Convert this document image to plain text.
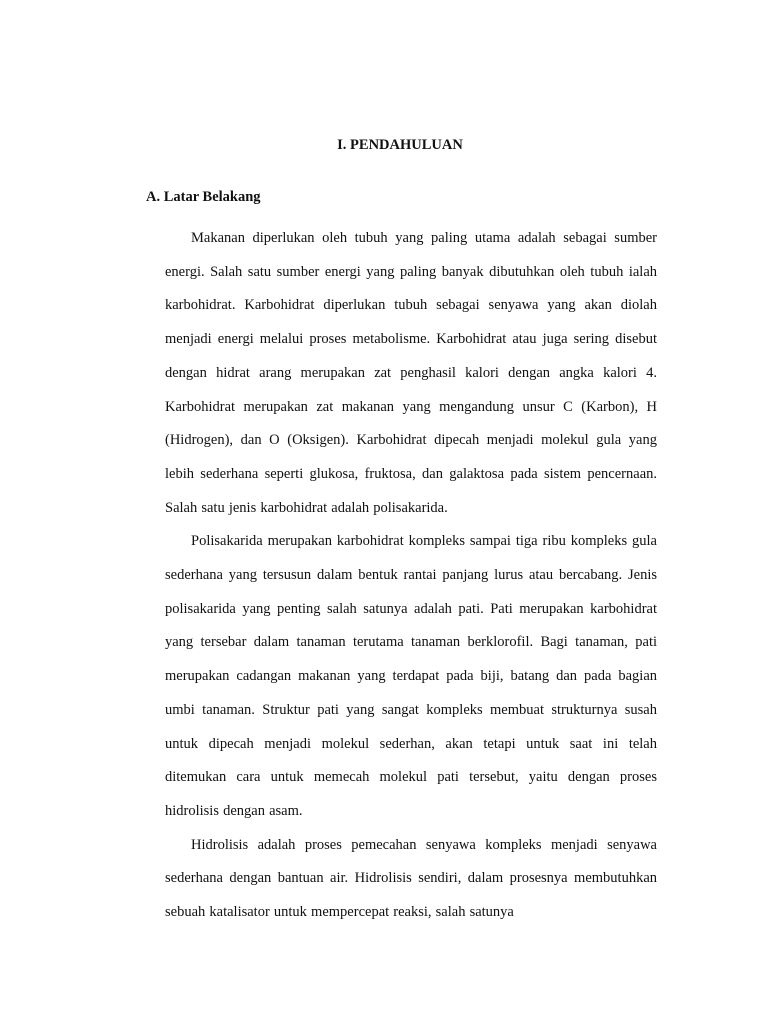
I. PENDAHULUAN
A. Latar Belakang

Makanan diperlukan oleh tubuh yang paling utama adalah sebagai sumber energi. Salah satu sumber energi yang paling banyak dibutuhkan oleh tubuh ialah karbohidrat. Karbohidrat diperlukan tubuh sebagai senyawa yang akan diolah menjadi energi melalui proses metabolisme. Karbohidrat atau juga sering disebut dengan hidrat arang merupakan zat penghasil kalori dengan angka kalori 4. Karbohidrat merupakan zat makanan yang mengandung unsur C (Karbon), H (Hidrogen), dan O (Oksigen). Karbohidrat dipecah menjadi molekul gula yang lebih sederhana seperti glukosa, fruktosa, dan galaktosa pada sistem pencernaan. Salah satu jenis karbohidrat adalah polisakarida.

Polisakarida merupakan karbohidrat kompleks sampai tiga ribu kompleks gula sederhana yang tersusun dalam bentuk rantai panjang lurus atau bercabang. Jenis polisakarida yang penting salah satunya adalah pati. Pati merupakan karbohidrat yang tersebar dalam tanaman terutama tanaman berklorofil. Bagi tanaman, pati merupakan cadangan makanan yang terdapat pada biji, batang dan pada bagian umbi tanaman. Struktur pati yang sangat kompleks membuat strukturnya susah untuk dipecah menjadi molekul sederhan, akan tetapi untuk saat ini telah ditemukan cara untuk memecah molekul pati tersebut, yaitu dengan proses hidrolisis dengan asam.

Hidrolisis adalah proses pemecahan senyawa kompleks menjadi senyawa sederhana dengan bantuan air. Hidrolisis sendiri, dalam prosesnya membutuhkan sebuah katalisator untuk mempercepat reaksi, salah satunya
